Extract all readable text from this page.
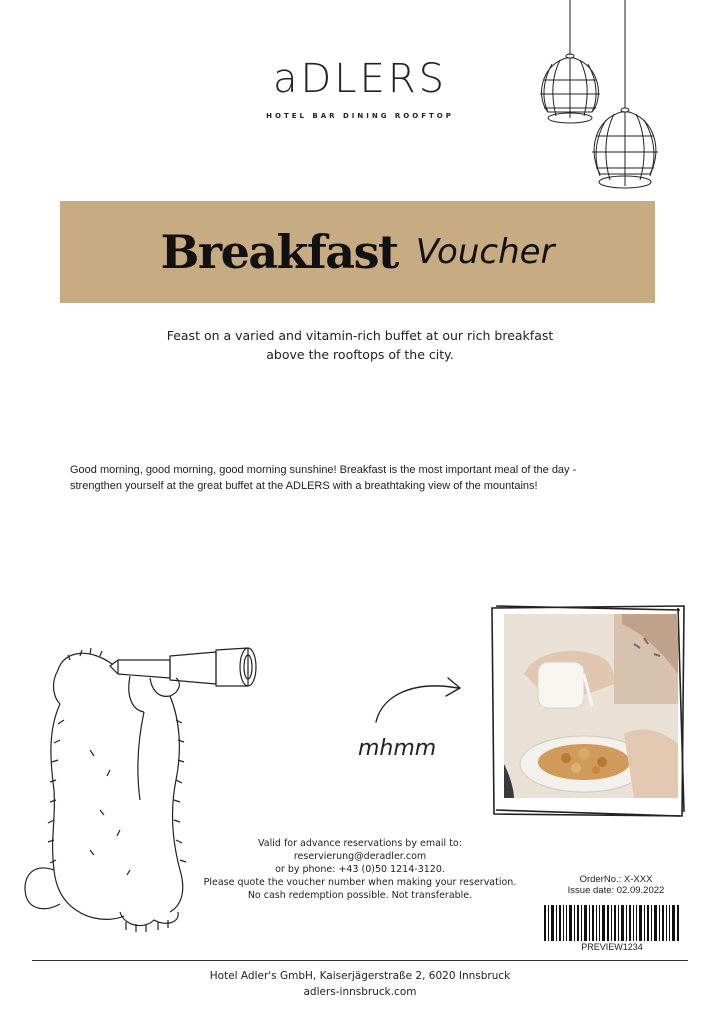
aDLERS
HOTEL BAR DINING ROOFTOP
Breakfast Voucher
Feast on a varied and vitamin-rich buffet at our rich breakfast
above the rooftops of the city.
Good morning, good morning, good morning sunshine! Breakfast is the most important meal of the day -
strengthen yourself at the great buffet at the ADLERS with a breathtaking view of the mountains!
mhmm
Valid for advance reservations by email to:
reservierung@deradler.com
or by phone: +43 (0)50 1214-3120.
Please quote the voucher number when making your reservation.
No cash redemption possible. Not transferable.
OrderNo.: X-XXX
Issue date: 02.09.2022
PREVIEW1234
Hotel Adler's GmbH, Kaiserjägerstraße 2, 6020 Innsbruck
adlers-innsbruck.com
